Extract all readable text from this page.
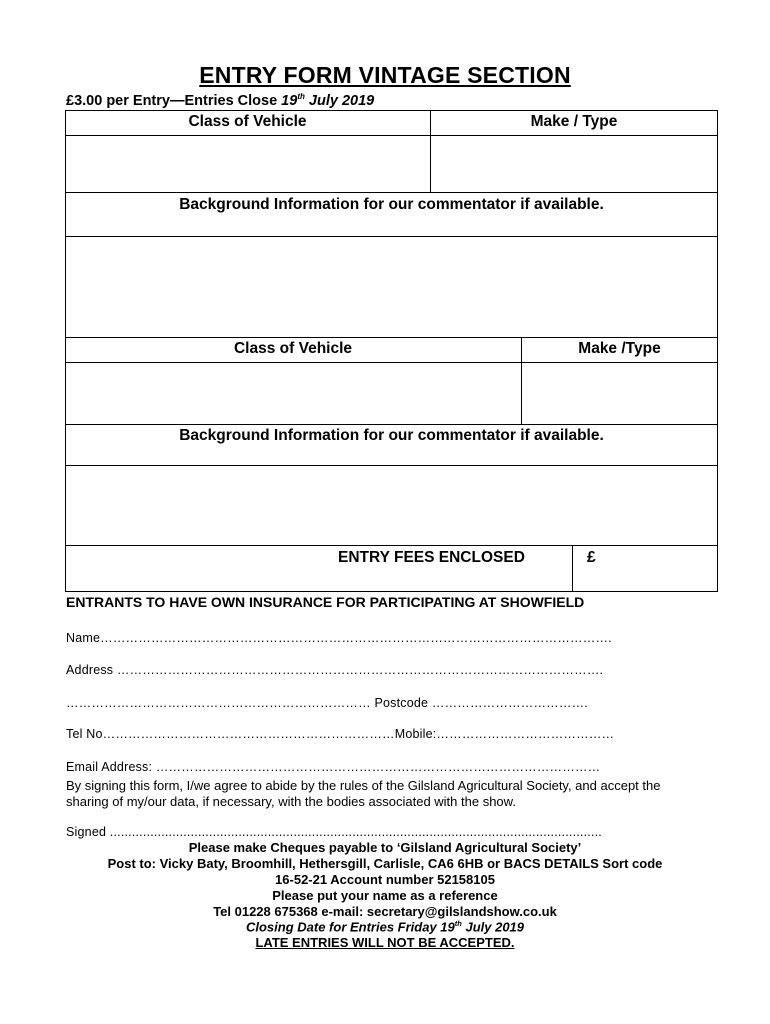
ENTRY FORM VINTAGE SECTION
£3.00 per Entry—Entries Close 19th July 2019
Class of Vehicle	Make / Type
Background Information for our commentator if available.
Class of Vehicle	Make /Type
Background Information for our commentator if available.
ENTRY FEES ENCLOSED	£
ENTRANTS TO HAVE OWN INSURANCE FOR PARTICIPATING AT SHOWFIELD
Name………………………………………………………………………………………………………….
Address …………………………………………………………………………………………………….
……………………………………………………………… Postcode ……………………………….
Tel No……………………………………………………………Mobile:……………………………………
Email Address: ……………………………………………………………………………………………
By signing this form, I/we agree to abide by the rules of the Gilsland Agricultural Society, and accept the sharing of my/our data, if necessary, with the bodies associated with the show.
Signed ......................................................................................................................................
Please make Cheques payable to ‘Gilsland Agricultural Society’
Post to: Vicky Baty, Broomhill, Hethersgill, Carlisle, CA6 6HB or BACS DETAILS Sort code
16-52-21 Account number 52158105
Please put your name as a reference
Tel 01228 675368 e-mail: secretary@gilslandshow.co.uk
Closing Date for Entries Friday 19th July 2019
LATE ENTRIES WILL NOT BE ACCEPTED.
